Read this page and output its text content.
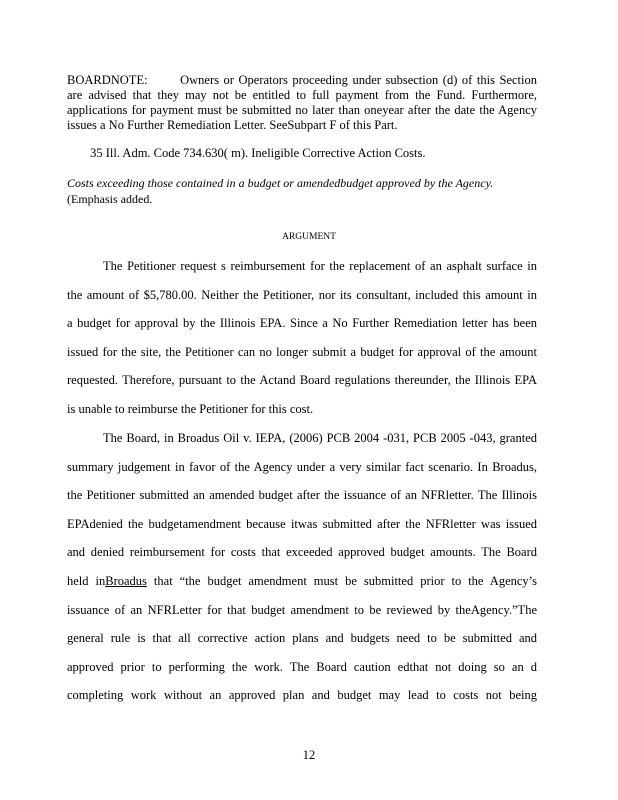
BOARDNOTE:	Owners or Operators proceeding under subsection (d) of this Section are advised that they may not be entitled to full payment from the Fund. Furthermore, applications for payment must be submitted no later than oneyear after the date the Agency issues a No Further Remediation Letter. SeeSubpart F of this Part.
35 Ill. Adm. Code 734.630( m). Ineligible Corrective Action Costs.
Costs exceeding those contained in a budget or amendedbudget approved by the Agency.
(Emphasis added.
ARGUMENT
The Petitioner request s reimbursement for the replacement of an asphalt surface in
the amount of $5,780.00. Neither the Petitioner, nor its consultant, included this amount in
a budget for approval by the Illinois EPA. Since a No Further Remediation letter has been
issued for the site, the Petitioner can no longer submit a budget for approval of the amount
requested. Therefore, pursuant to the Actand Board regulations thereunder, the Illinois EPA
is unable to reimburse the Petitioner for this cost.
The Board, in Broadus Oil v. IEPA, (2006) PCB 2004 -031, PCB 2005 -043, granted
summary judgement in favor of the Agency under a very similar fact scenario. In Broadus,
the Petitioner submitted an amended budget after the issuance of an NFRletter. The Illinois
EPAdenied the budgetamendment because itwas submitted after the NFRletter was issued
and denied reimbursement for costs that exceeded approved budget amounts. The Board
held inBroadus that “the budget amendment must be submitted prior to the Agency’s
issuance of an NFRLetter for that budget amendment to be reviewed by theAgency.”The
general rule is that all corrective action plans and budgets need to be submitted and
approved prior to performing the work. The Board caution edthat not doing so an d
completing work without an approved plan and budget may lead to costs not being
12
